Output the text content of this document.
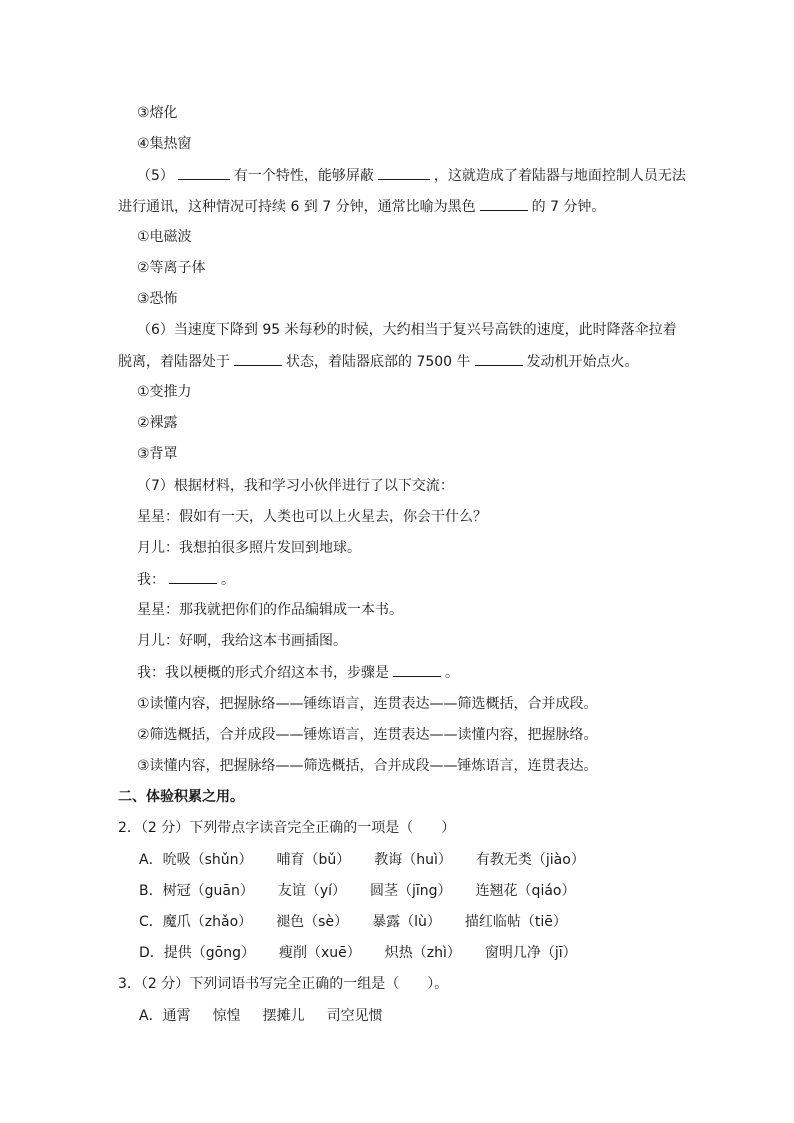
③熔化
④集热窗
（5）	有一个特性，能够屏蔽	，这就造成了着陆器与地面控制人员无法
进行通讯，这种情况可持续 6 到 7 分钟，通常比喻为黑色	的 7 分钟。
①电磁波
②等离子体
③恐怖
（6）当速度下降到 95 米每秒的时候，大约相当于复兴号高铁的速度，此时降落伞拉着
脱离，着陆器处于	状态，着陆器底部的 7500 牛	发动机开始点火。
①变推力
②裸露
③背罩
（7）根据材料，我和学习小伙伴进行了以下交流：
星星：假如有一天，人类也可以上火星去，你会干什么？
月儿：我想拍很多照片发回到地球。
我：	。
星星：那我就把你们的作品编辑成一本书。
月儿：好啊，我给这本书画插图。
我：我以梗概的形式介绍这本书，步骤是	。
①读懂内容，把握脉络——锤练语言，连贯表达——筛选概括，合并成段。
②筛选概括，合并成段——锤炼语言，连贯表达——读懂内容，把握脉络。
③读懂内容，把握脉络——筛选概括，合并成段——锤炼语言，连贯表达。
二、体验积累之用。
2．（2 分）下列带点字读音完全正确的一项是（　　）
A．吮吸（shǔn） 哺育（bǔ） 教诲（huì） 有教无类（jiào）
B．树冠（guān） 友谊（yí） 圆茎（jīng） 连翘花（qiáo）
C．魔爪（zhǎo） 褪色（sè） 暴露（lù） 描红临帖（tiē）
D．提供（gōng） 瘦削（xuē） 炽热（zhì） 窗明几净（jī）
3．（2 分）下列词语书写完全正确的一组是（　　）。
A．通霄 惊惶 摆摊儿 司空见惯
